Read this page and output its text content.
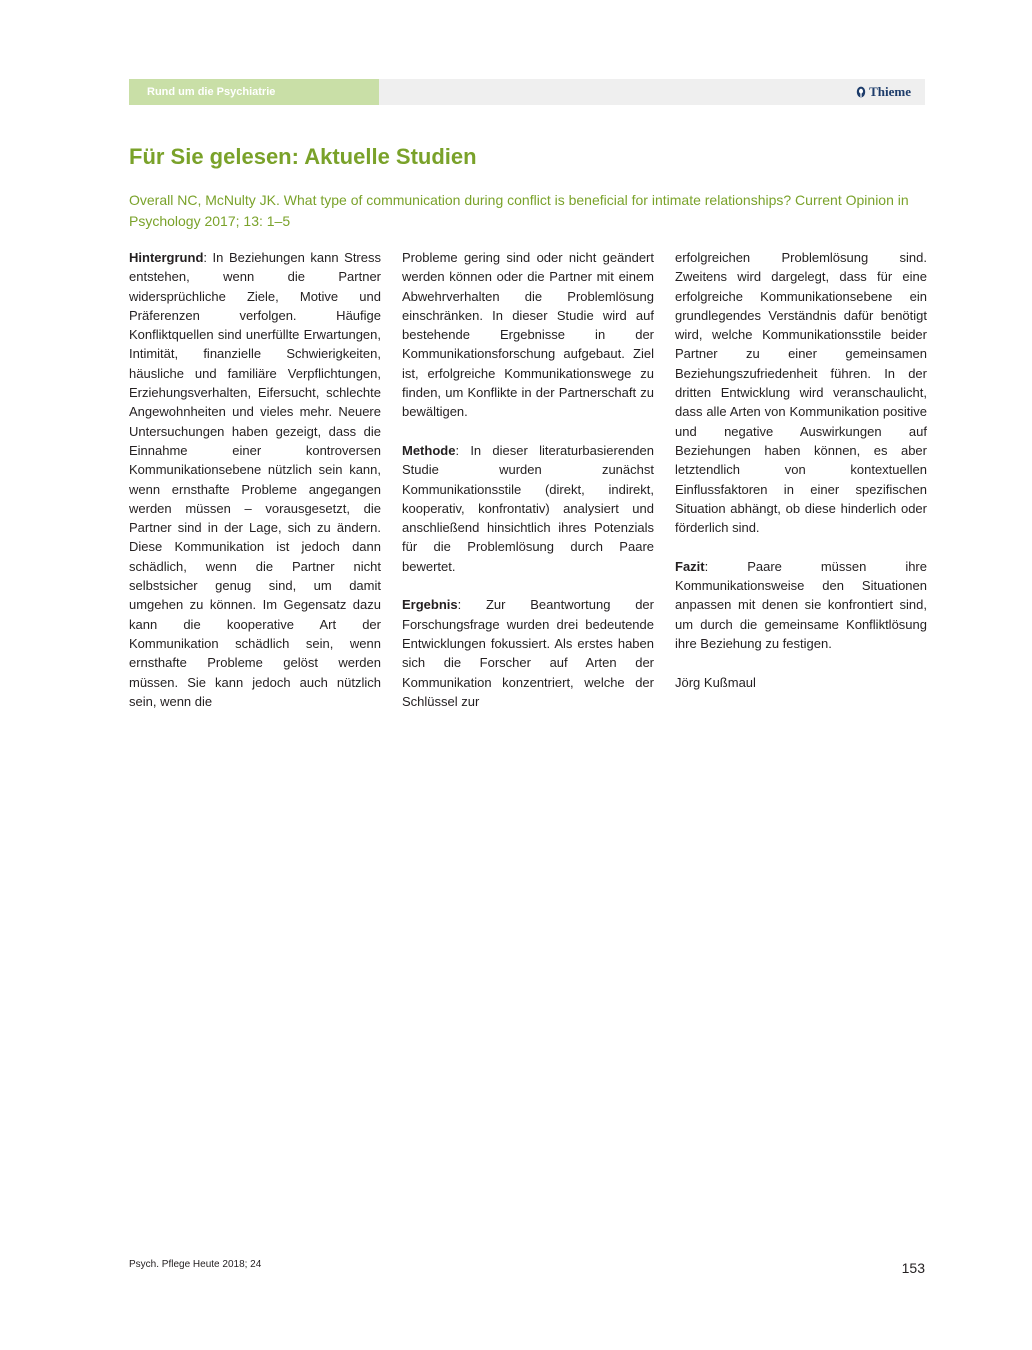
Rund um die Psychiatrie	Thieme
Für Sie gelesen: Aktuelle Studien

Overall NC, McNulty JK. What type of communication during conflict is beneficial for intimate relationships? Current Opinion in Psychology 2017; 13: 1–5

Hintergrund: In Beziehungen kann Stress entstehen, wenn die Partner widersprüchliche Ziele, Motive und Präferenzen verfolgen. Häufige Konfliktquellen sind unerfüllte Erwartungen, Intimität, finanzielle Schwierigkeiten, häusliche und familiäre Verpflichtungen, Erziehungsverhalten, Eifersucht, schlechte Angewohnheiten und vieles mehr. Neuere Untersuchungen haben gezeigt, dass die Einnahme einer kontroversen Kommunikationsebene nützlich sein kann, wenn ernsthafte Probleme angegangen werden müssen – vorausgesetzt, die Partner sind in der Lage, sich zu ändern. Diese Kommunikation ist jedoch dann schädlich, wenn die Partner nicht selbstsicher genug sind, um damit umgehen zu können. Im Gegensatz dazu kann die kooperative Art der Kommunikation schädlich sein, wenn ernsthafte Probleme gelöst werden müssen. Sie kann jedoch auch nützlich sein, wenn die

Probleme gering sind oder nicht geändert werden können oder die Partner mit einem Abwehrverhalten die Problemlösung einschränken. In dieser Studie wird auf bestehende Ergebnisse in der Kommunikationsforschung aufgebaut. Ziel ist, erfolgreiche Kommunikationswege zu finden, um Konflikte in der Partnerschaft zu bewältigen.

Methode: In dieser literaturbasierenden Studie wurden zunächst Kommunikationsstile (direkt, indirekt, kooperativ, konfrontativ) analysiert und anschließend hinsichtlich ihres Potenzials für die Problemlösung durch Paare bewertet.

Ergebnis: Zur Beantwortung der Forschungsfrage wurden drei bedeutende Entwicklungen fokussiert. Als erstes haben sich die Forscher auf Arten der Kommunikation konzentriert, welche der Schlüssel zur

erfolgreichen Problemlösung sind. Zweitens wird dargelegt, dass für eine erfolgreiche Kommunikationsebene ein grundlegendes Verständnis dafür benötigt wird, welche Kommunikationsstile beider Partner zu einer gemeinsamen Beziehungszufriedenheit führen. In der dritten Entwicklung wird veranschaulicht, dass alle Arten von Kommunikation positive und negative Auswirkungen auf Beziehungen haben können, es aber letztendlich von kontextuellen Einflussfaktoren in einer spezifischen Situation abhängt, ob diese hinderlich oder förderlich sind.

Fazit: Paare müssen ihre Kommunikationsweise den Situationen anpassen mit denen sie konfrontiert sind, um durch die gemeinsame Konfliktlösung ihre Beziehung zu festigen.

Jörg Kußmaul

Psych. Pflege Heute 2018; 24	153
